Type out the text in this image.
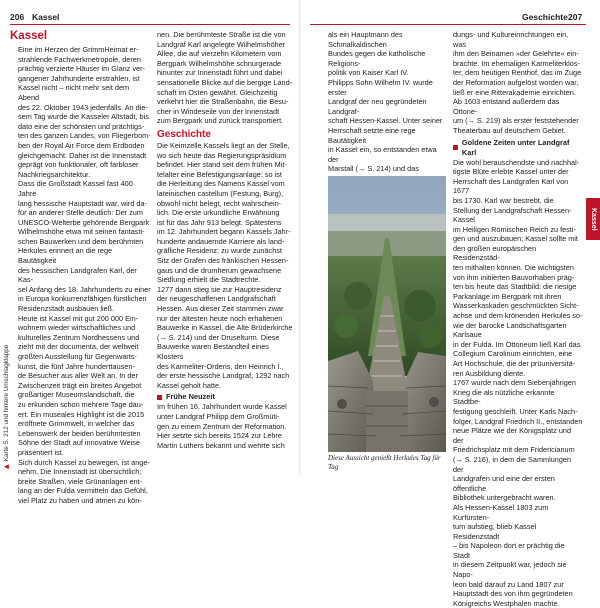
206 Kassel
Kassel

Eine im Herzen der GrimmHeimat er-

strahlende Fachwerkmetropole, deren

prächtig verzierte Häuser im Glanz ver-

gangener Jahrhunderte erstrahlen, ist

Kassel nicht – nicht mehr seit dem Abend

des 22. Oktober 1943 jedenfalls. An die-

sem Tag wurde die Kasseler Altstadt, bis

dato eine der schönsten und prächtigs-

ten des ganzen Landes, von Fliegerbom-

ben der Royal Air Force dem Erdboden

gleichgemacht. Daher ist die Innenstadt

geprägt von funktionaler, oft farbloser

Nachkriegsarchitektur.

Dass die Großstadt Kassel fast 400 Jahre

lang hessische Hauptstadt war, wird da-

für an anderer Stelle deutlich: Der zum

UNESCO-Welterbe gehörende Bergpark

Wilhelmshöhe etwa mit seinen fantasti-

schen Bauwerken und dem berühmten

Herkules erinnert an die rege Bautätigkeit

des hessischen Landgrafen Karl, der Kas-

sel Anfang des 18. Jahrhunderts zu einer

in Europa konkurrenzfähigen fürstlichen

Residenzstadt ausbauen ließ.

Heute ist Kassel mit gut 200 000 Ein-

wohnern wieder wirtschaftliches und

kulturelles Zentrum Nordhessens und

zieht mit der documenta, der weltweit

größten Ausstellung für Gegenwarts-

kunst, die fünf Jahre hunderttausen-

de Besucher aus aller Welt an. In der

Zwischenzeit trägt ein breites Angebot

großartiger Museumslandschaft, die

zu erkunden schon mehrere Tage dau-

ert. Ein museales Highlight ist die 2015

eröffnete Grimmwelt, in welcher das

Lebenswerk der beiden berühmtesten

Söhne der Stadt auf innovative Weise

präsentiert ist.

Sich durch Kassel zu bewegen, ist ange-

nehm. Die Innenstadt ist übersichtlich;

breite Straßen, viele Grünanlagen ent-

lang an der Fulda vermitteln das Gefühl,

viel Platz zu haben und atmen zu kön-

nen. Die berühmteste Straße ist die von

Landgraf Karl angelegte Wilhelmshöher

Allee, die auf vierzehn Kilometern vom

Bergpark Wilhelmshöhe schnurgerade

hinunter zur Innenstadt führt und dabei

sensationelle Blicke auf die bergige Land-

schaft im Osten gewährt. Gleichzeitig

verkehrt hier die Straßenbahn, die Besu-

cher in Windeseile von der Innenstadt

zum Bergpark und zurück transportiert.

Geschichte

Die Keimzelle Kassels liegt an der Stelle,

wo sich heute das Regierungspräsidium

befindet. Hier stand seit dem frühen Mit-

telalter eine Befestigungsanlage; so ist

die Herleitung des Namens Kassel vom

lateinischen castellum (Festung, Burg),

obwohl nicht belegt, recht wahrschein-

lich. Die erste urkundliche Erwähnung

ist für das Jahr 913 belegt. Spätestens

im 12. Jahrhundert begann Kassels Jahr-

hunderte andauernde Karriere als land-

gräfliche Residenz; zu wurde zunächst

Sitz der Grafen des fränkischen Hessen-

gaus und die drumherum gewachsene

Siedlung erhielt die Stadtrechte.

1277 dann stieg sie zur Hauptresidenz

der neugeschaffenen Landgrafschaft

Hessen. Aus dieser Zeit stammen zwar

nur der ältesten heute noch erhaltenen

Bauwerke in Kassel, die Alte Brüderkirche

(→ S. 214) und der Druselturm. Diese

Bauwerke waren Bestandteil eines Klosters

des Karmeliter-Ordens, den Heinrich I.,

der erste hessische Landgraf, 1292 nach

Kassel geholt hatte.

Frühe Neuzeit

Im frühen 16. Jahrhundert wurde Kassel

unter Landgraf Philipp dem Großmüti-

gen zu einem Zentrum der Reformation.

Hier setzte sich bereits 1524 zur Lehre

Martin Luthers bekannt und wehrte sich

▶ Karte S. 212 und hintere Umschlagklappe
Geschichte 207

als ein Hauptmann des Schmalkaldischen

Bundes gegen die katholische Religions-

politik von Kaiser Karl IV.

Philipps Sohn Wilhelm IV. wurde erster

Landgraf der neu gegründeten Landgraf-

schaft Hessen-Kassel. Unter seiner

Herrschaft setzte eine rege Bautätigkeit

in Kassel ein, so entstanden etwa der

Marstall (→ S. 214) und das

Diese Aussicht genießt Herkules Tag für Tag

dungs- und Kultureinrichtungen ein, was

ihm den Beinamen »der Gelehrte« ein-

brachte. Im ehemaligen Karmeliterklos-

ter, dem heutigen Renthof, das im Zuge

der Reformation aufgelöst worden war,

ließ er eine Ritterakademie einrichten.

Ab 1603 entstand außerdem das Ottone-

um (→ S. 219) als erster feststehender

Theaterbau auf deutschem Gebiet.

Goldene Zeiten unter Landgraf Karl

Die wohl berauschendste und nachhal-

tigste Blüte erlebte Kassel unter der

Herrschaft des Landgrafen Karl von 1677

bis 1730. Karl war bestrebt, die

Stellung der Landgrafschaft Hessen-Kassel

im Heiligen Römischen Reich zu festi-

gen und auszubauen; Kassel sollte mit

den großen europäischen Residenzstäd-

ten mithalten können. Die wichtigsten

von ihm initiierten Bauvorhaben präg-

ten bis heute das Stadtbild: die riesige

Parkanlage im Bergpark mit ihren

Wasserkaskaden geschmückten Sicht-

achse und dem krönenden Herkules so-

wie der barocke Landschaftsgarten Karlsaue

in der Fulda. Im Ottoneum ließ Karl das

Collegium Carolinum einrichten, eine

Art Hochschule, die der prüuniversitä-

ren Ausbildung diente.

1767 wurde nach dem Siebenjährigen

Krieg die als nützliche erkannte Stadtbe-

festigung geschleift. Unter Karls Nach-

folger, Landgraf Friedrich II., entstanden

neue Plätze wie der Königsplatz und der

Friedrichsplatz mit dem Fridericianum

(→ S. 216), in dem die Sammlungen der

Landgrafen und eine der ersten öffentliche

Bibliothek untergebracht waren.

Als Hessen-Kassel 1803 zum Kurfürsten-

tum aufstieg, blieb Kassel Residenzstadt

– bis Napoleon dort er prächtig die Stadt

in diesem Zeitpunkt war, jedoch sie Napo-

leon bald darauf zu Land 1807 zur

Hauptstadt des von ihm gegründeten

Königreichs Westphalen machte.

Kassel
